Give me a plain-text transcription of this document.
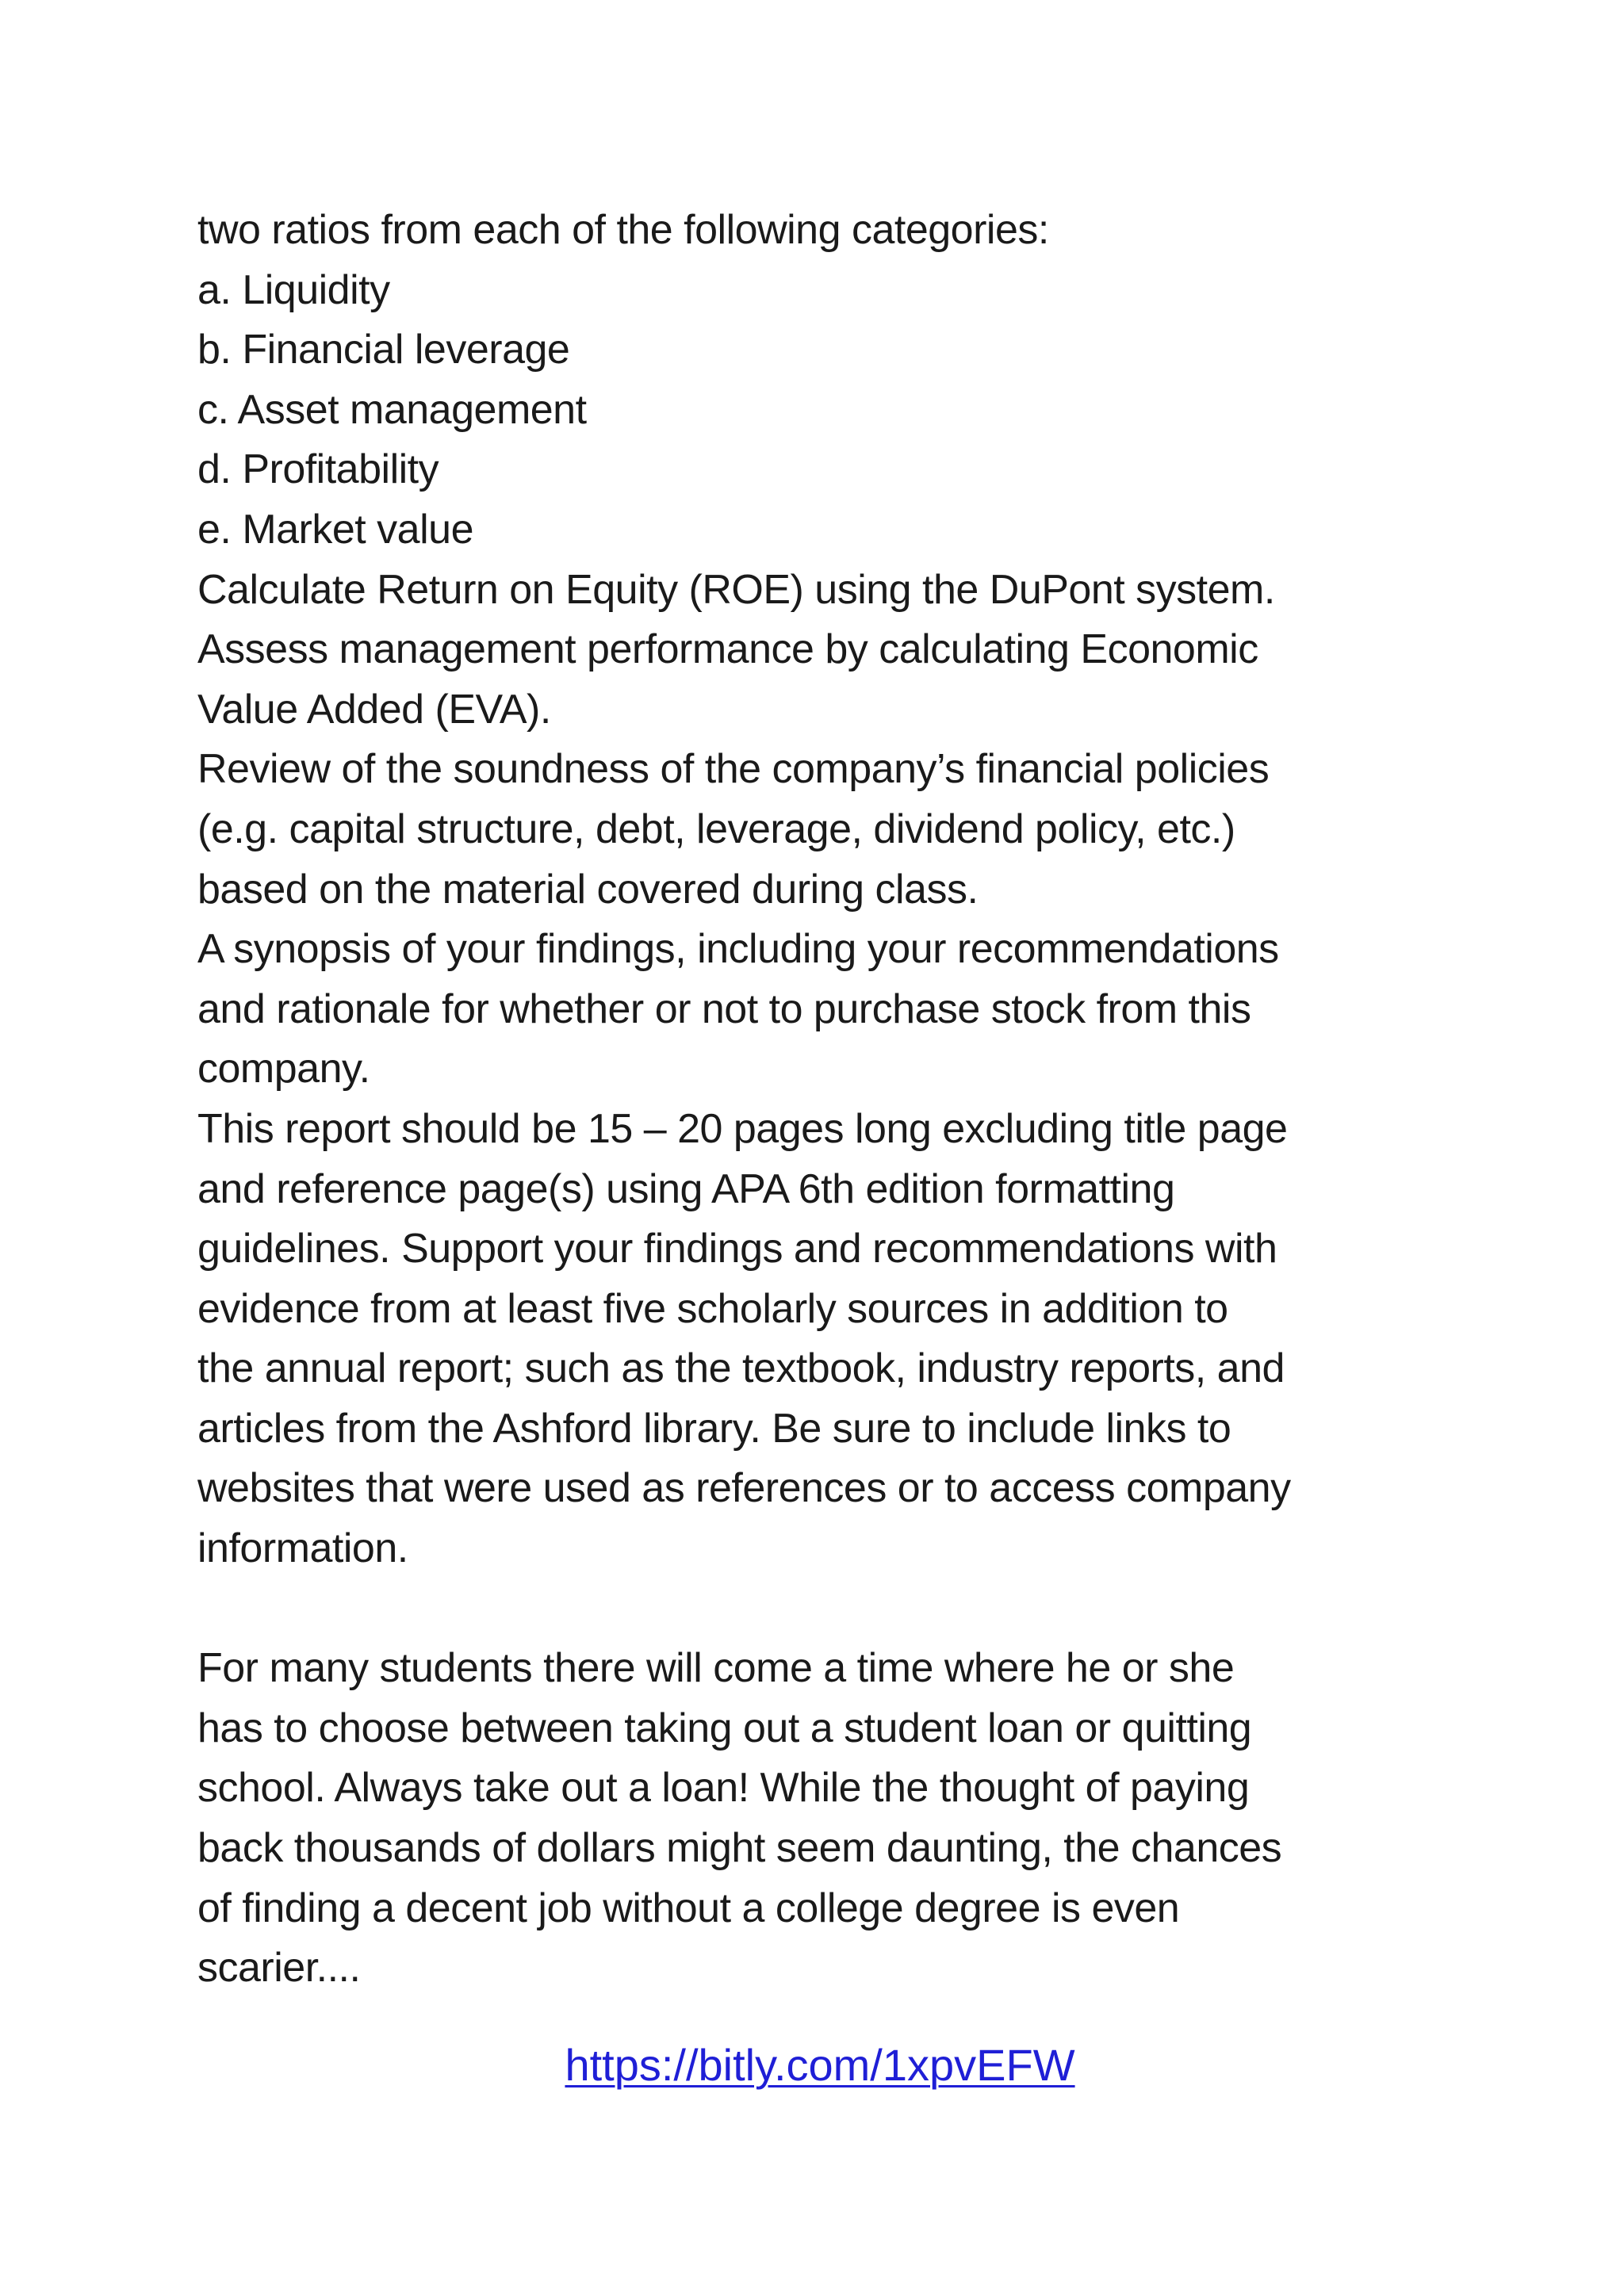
two ratios from each of the following categories:
a. Liquidity
b. Financial leverage
c. Asset management
d. Profitability
e. Market value
Calculate Return on Equity (ROE) using the DuPont system.
Assess management performance by calculating Economic
Value Added (EVA).
Review of the soundness of the company’s financial policies
(e.g. capital structure, debt, leverage, dividend policy, etc.)
based on the material covered during class.
A synopsis of your findings, including your recommendations
and rationale for whether or not to purchase stock from this
company.
This report should be 15 – 20 pages long excluding title page
and reference page(s) using APA 6th edition formatting
guidelines. Support your findings and recommendations with
evidence from at least five scholarly sources in addition to
the annual report; such as the textbook, industry reports, and
articles from the Ashford library. Be sure to include links to
websites that were used as references or to access company
information.
For many students there will come a time where he or she
has to choose between taking out a student loan or quitting
school. Always take out a loan! While the thought of paying
back thousands of dollars might seem daunting, the chances
of finding a decent job without a college degree is even
scarier....
https://bitly.com/1xpvEFW
